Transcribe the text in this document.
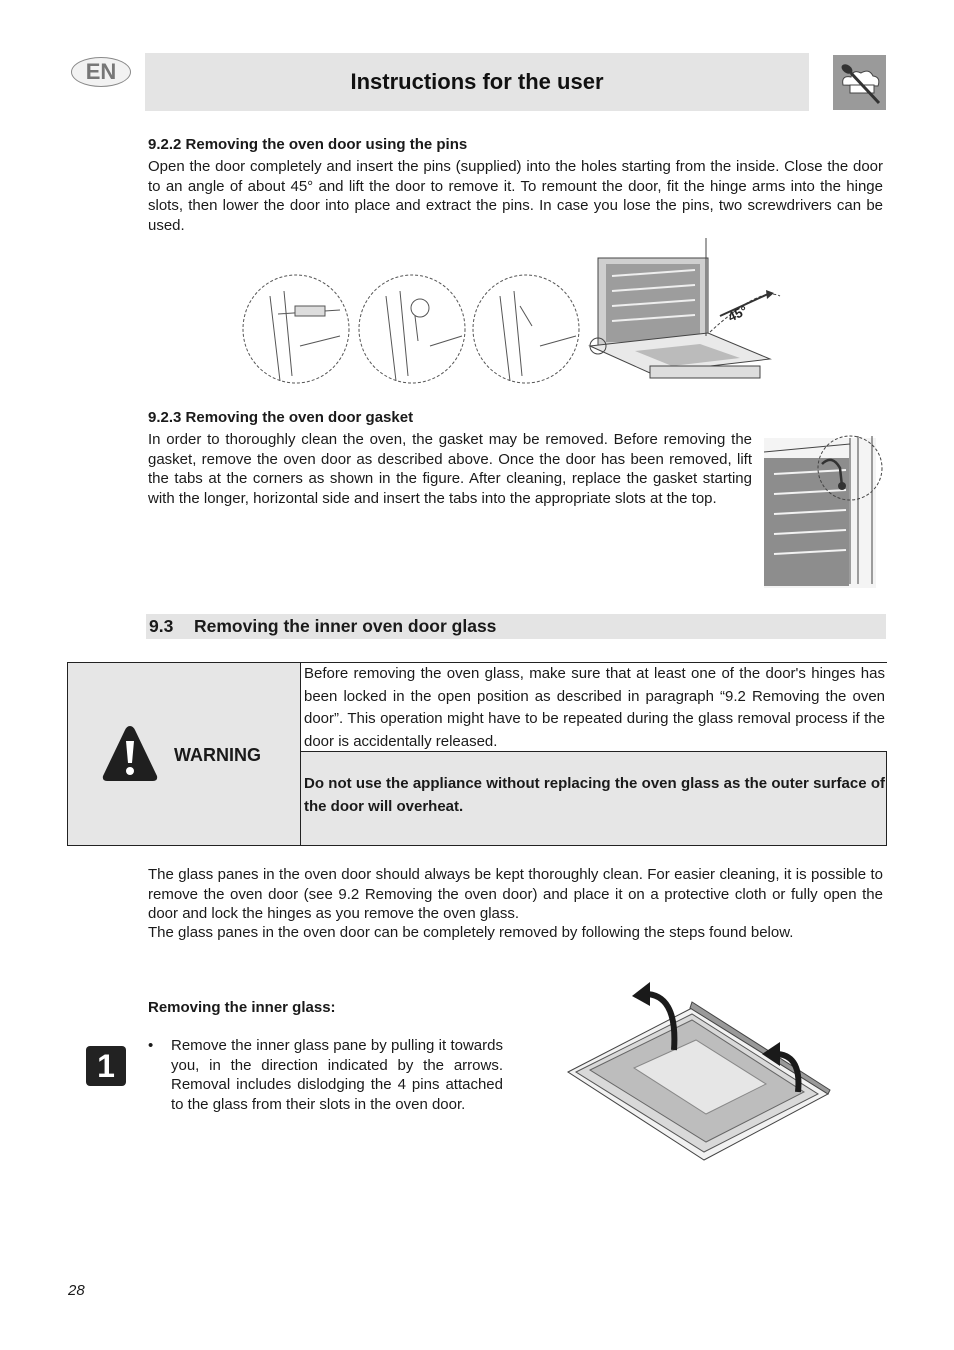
EN	Instructions for the user
9.2.2 Removing the oven door using the pins
Open the door completely and insert the pins (supplied) into the holes starting from the inside. Close the door to an angle of about 45° and lift the door to remove it. To remount the door, fit the hinge arms into the hinge slots, then lower the door into place and extract the pins. In case you lose the pins, two screwdrivers can be used.
45°
9.2.3 Removing the oven door gasket
In order to thoroughly clean the oven, the gasket may be removed. Before removing the gasket, remove the oven door as described above. Once the door has been removed, lift the tabs at the corners as shown in the figure. After cleaning, replace the gasket starting with the longer, horizontal side and insert the tabs into the appropriate slots at the top.
9.3 Removing the inner oven door glass
WARNING
Before removing the oven glass, make sure that at least one of the door's hinges has been locked in the open position as described in paragraph “9.2 Removing the oven door”. This operation might have to be repeated during the glass removal process if the door is accidentally released.
Do not use the appliance without replacing the oven glass as the outer surface of the door will overheat.
The glass panes in the oven door should always be kept thoroughly clean. For easier cleaning, it is possible to remove the oven door (see 9.2 Removing the oven door) and place it on a protective cloth or fully open the door and lock the hinges as you remove the oven glass.
The glass panes in the oven door can be completely removed by following the steps found below.
Removing the inner glass:
1
• Remove the inner glass pane by pulling it towards you, in the direction indicated by the arrows. Removal includes dislodging the 4 pins attached to the glass from their slots in the oven door.
28
